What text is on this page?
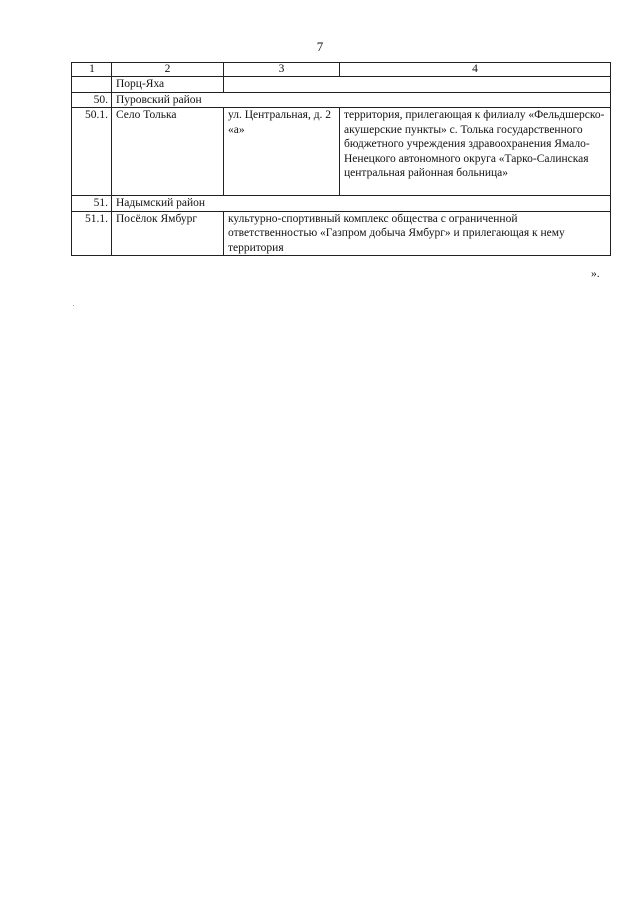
7
1	2	3	4
	Порц-Яха		
50.	Пуровский район		
50.1.	Село Толька	ул. Центральная, д. 2 «а»	территория, прилегающая к филиалу «Фельдшерско-акушерские пункты» с. Толька государственного бюджетного учреждения здравоохранения Ямало-Ненецкого автономного округа «Тарко-Салинская центральная районная больница»
51.	Надымский район		
51.1.	Посёлок Ямбург	культурно-спортивный комплекс общества с ограниченной ответственностью «Газпром добыча Ямбург» и прилегающая к нему территория	
».
